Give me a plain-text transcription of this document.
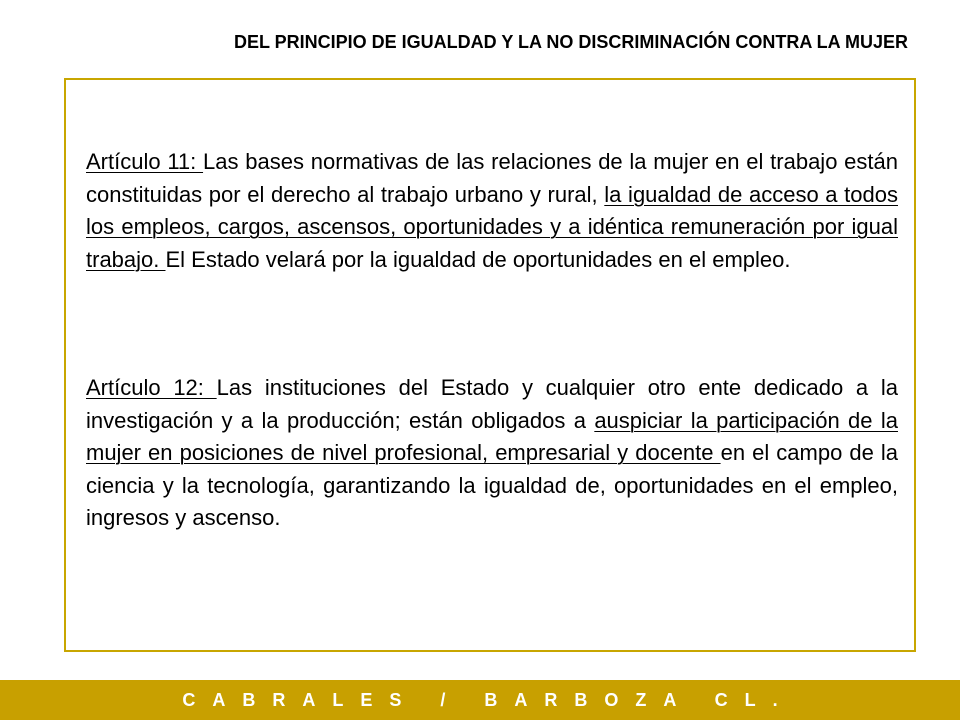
DEL PRINCIPIO DE IGUALDAD Y LA NO DISCRIMINACIÓN CONTRA LA MUJER

Artículo 11: Las bases normativas de las relaciones de la mujer en el trabajo están constituidas por el derecho al trabajo urbano y rural, la igualdad de acceso a todos los empleos, cargos, ascensos, oportunidades y a idéntica remuneración por igual trabajo. El Estado velará por la igualdad de oportunidades en el empleo.

Artículo 12: Las instituciones del Estado y cualquier otro ente dedicado a la investigación y a la producción; están obligados a auspiciar la participación de la mujer en posiciones de nivel profesional, empresarial y docente en el campo de la ciencia y la tecnología, garantizando la igualdad de, oportunidades en el empleo, ingresos y ascenso.

CABRALES / BARBOZA CL.
